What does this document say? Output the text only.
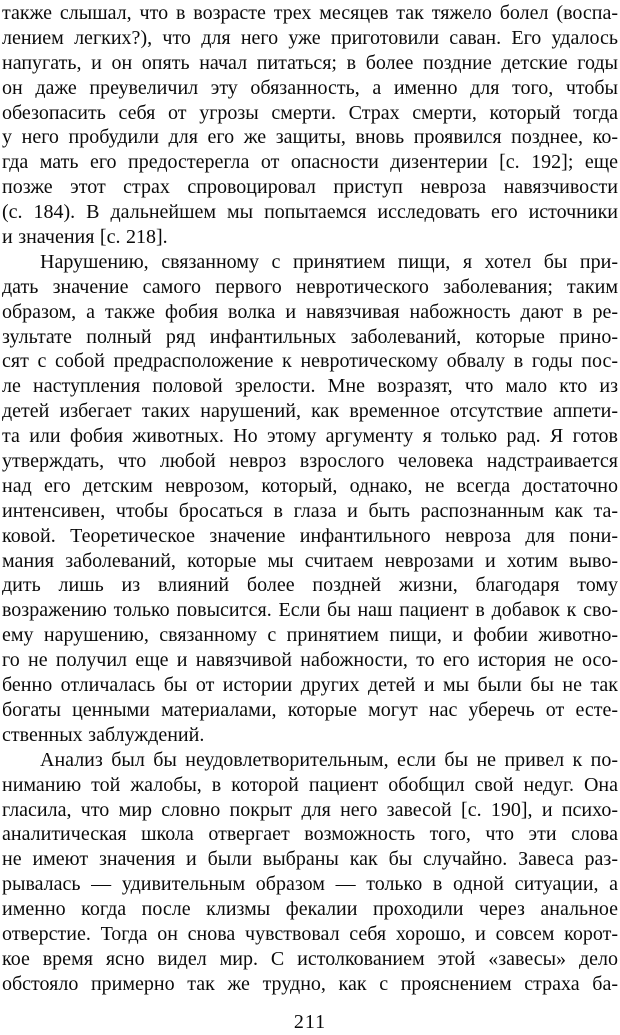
также слышал, что в возрасте трех месяцев так тяжело болел (воспа-
лением легких?), что для него уже приготовили саван. Его удалось
напугать, и он опять начал питаться; в более поздние детские годы
он даже преувеличил эту обязанность, а именно для того, чтобы
обезопасить себя от угрозы смерти. Страх смерти, который тогда
у него пробудили для его же защиты, вновь проявился позднее, ко-
гда мать его предостерегла от опасности дизентерии [с. 192]; еще
позже этот страх спровоцировал приступ невроза навязчивости
(с. 184). В дальнейшем мы попытаемся исследовать его источники
и значения [с. 218].
Нарушению, связанному с принятием пищи, я хотел бы при-
дать значение самого первого невротического заболевания; таким
образом, а также фобия волка и навязчивая набожность дают в ре-
зультате полный ряд инфантильных заболеваний, которые прино-
сят с собой предрасположение к невротическому обвалу в годы пос-
ле наступления половой зрелости. Мне возразят, что мало кто из
детей избегает таких нарушений, как временное отсутствие аппети-
та или фобия животных. Но этому аргументу я только рад. Я готов
утверждать, что любой невроз взрослого человека надстраивается
над его детским неврозом, который, однако, не всегда достаточно
интенсивен, чтобы бросаться в глаза и быть распознанным как та-
ковой. Теоретическое значение инфантильного невроза для пони-
мания заболеваний, которые мы считаем неврозами и хотим выво-
дить лишь из влияний более поздней жизни, благодаря тому
возражению только повысится. Если бы наш пациент в добавок к сво-
ему нарушению, связанному с принятием пищи, и фобии животно-
го не получил еще и навязчивой набожности, то его история не осо-
бенно отличалась бы от истории других детей и мы были бы не так
богаты ценными материалами, которые могут нас уберечь от есте-
ственных заблуждений.
Анализ был бы неудовлетворительным, если бы не привел к по-
ниманию той жалобы, в которой пациент обобщил свой недуг. Она
гласила, что мир словно покрыт для него завесой [с. 190], и психо-
аналитическая школа отвергает возможность того, что эти слова
не имеют значения и были выбраны как бы случайно. Завеса раз-
рывалась — удивительным образом — только в одной ситуации, а
именно когда после клизмы фекалии проходили через анальное
отверстие. Тогда он снова чувствовал себя хорошо, и совсем корот-
кое время ясно видел мир. С истолкованием этой «завесы» дело
обстояло примерно так же трудно, как с прояснением страха ба-
211
